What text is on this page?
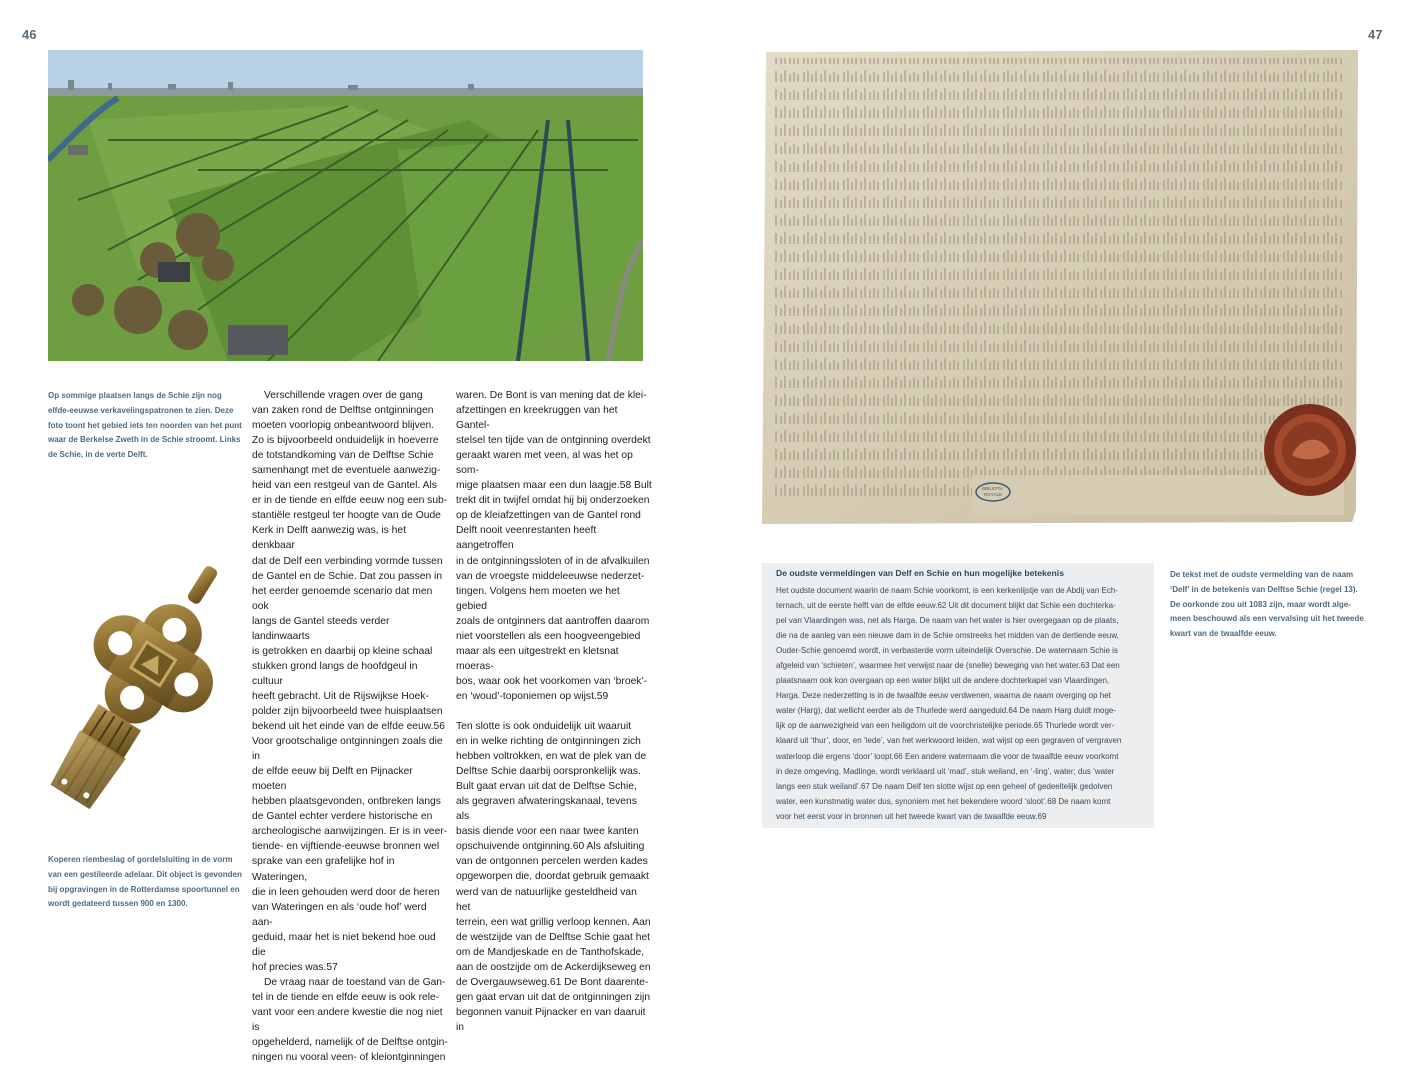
46	47
Op sommige plaatsen langs de Schie zijn nog
elfde-eeuwse verkavelingspatronen te zien. Deze
foto toont het gebied iets ten noorden van het punt
waar de Berkelse Zweth in de Schie stroomt. Links
de Schie, in de verte Delft.
Koperen riembeslag of gordelsluiting in de vorm
van een gestileerde adelaar. Dit object is gevonden
bij opgravingen in de Rotterdamse spoortunnel en
wordt gedateerd tussen 900 en 1300.

Verschillende vragen over de gang

van zaken rond de Delftse ontginningen

moeten voorlopig onbeantwoord blijven.

Zo is bijvoorbeeld onduidelijk in hoeverre

de totstandkoming van de Delftse Schie

samenhangt met de eventuele aanwezig-

heid van een restgeul van de Gantel. Als

er in de tiende en elfde eeuw nog een sub-

stantiële restgeul ter hoogte van de Oude

Kerk in Delft aanwezig was, is het denkbaar

dat de Delf een verbinding vormde tussen

de Gantel en de Schie. Dat zou passen in

het eerder genoemde scenario dat men ook

langs de Gantel steeds verder landinwaarts

is getrokken en daarbij op kleine schaal

stukken grond langs de hoofdgeul in cultuur

heeft gebracht. Uit de Rijswijkse Hoek-

polder zijn bijvoorbeeld twee huisplaatsen

bekend uit het einde van de elfde eeuw.56

Voor grootschalige ontginningen zoals die in

de elfde eeuw bij Delft en Pijnacker moeten

hebben plaatsgevonden, ontbreken langs

de Gantel echter verdere historische en

archeologische aanwijzingen. Er is in veer-

tiende- en vijftiende-eeuwse bronnen wel

sprake van een grafelijke hof in Wateringen,

die in leen gehouden werd door de heren

van Wateringen en als ‘oude hof’ werd aan-

geduid, maar het is niet bekend hoe oud die

hof precies was.57

De vraag naar de toestand van de Gan-

tel in de tiende en elfde eeuw is ook rele-

vant voor een andere kwestie die nog niet is

opgehelderd, namelijk of de Delftse ontgin-

ningen nu vooral veen- of kleiontginningen

waren. De Bont is van mening dat de klei-

afzettingen en kreekruggen van het Gantel-

stelsel ten tijde van de ontginning overdekt

geraakt waren met veen, al was het op som-

mige plaatsen maar een dun laagje.58 Bult

trekt dit in twijfel omdat hij bij onderzoeken

op de kleiafzettingen van de Gantel rond

Delft nooit veenrestanten heeft aangetroffen

in de ontginningssloten of in de afvalkuilen

van de vroegste middeleeuwse nederzet-

tingen. Volgens hem moeten we het gebied

zoals de ontginners dat aantroffen daarom

niet voorstellen als een hoogveengebied

maar als een uitgestrekt en kletsnat moeras-

bos, waar ook het voorkomen van ‘broek’-

en ‘woud’-toponiemen op wijst.59

Ten slotte is ook onduidelijk uit waaruit

en in welke richting de ontginningen zich

hebben voltrokken, en wat de plek van de

Delftse Schie daarbij oorspronkelijk was.

Bult gaat ervan uit dat de Delftse Schie,

als gegraven afwateringskanaal, tevens als

basis diende voor een naar twee kanten

opschuivende ontginning.60 Als afsluiting

van de ontgonnen percelen werden kades

opgeworpen die, doordat gebruik gemaakt

werd van de natuurlijke gesteldheid van het

terrein, een wat grillig verloop kennen. Aan

de westzijde van de Delftse Schie gaat het

om de Mandjeskade en de Tanthofskade,

aan de oostzijde om de Ackerdijkseweg en

de Overgauwseweg.61 De Bont daarente-

gen gaat ervan uit dat de ontginningen zijn

begonnen vanuit Pijnacker en van daaruit in

BIBLIOTH.
ROYALE
De oudste vermeldingen van Delf en Schie en hun mogelijke betekenis

Het oudste document waarin de naam Schie voorkomt, is een kerkenlijstje van de Abdij van Ech-

ternach, uit de eerste helft van de elfde eeuw.62 Uit dit document blijkt dat Schie een dochterka-

pel van Vlaardingen was, net als Harga. De naam van het water is hier overgegaan op de plaats,

die na de aanleg van een nieuwe dam in de Schie omstreeks het midden van de dertiende eeuw,

Ouder-Schie genoemd wordt, in verbasterde vorm uiteindelijk Overschie. De waternaam Schie is

afgeleid van ‘schieten’, waarmee het verwijst naar de (snelle) beweging van het water.63 Dat een

plaatsnaam ook kon overgaan op een water blijkt uit de andere dochterkapel van Vlaardingen,

Harga. Deze nederzetting is in de twaalfde eeuw verdwenen, waarna de naam overging op het

water (Harg), dat wellicht eerder als de Thurlede werd aangeduid.64 De naam Harg duidt moge-

lijk op de aanwezigheid van een heiligdom uit de voorchristelijke periode.65 Thurlede wordt ver-

klaard uit ‘thur’, door, en ‘lede’, van het werkwoord leiden, wat wijst op een gegraven of vergraven

waterloop die ergens ‘door’ loopt.66 Een andere waternaam die voor de twaalfde eeuw voorkomt

in deze omgeving, Madlinge, wordt verklaard uit ‘mad’, stuk weiland, en ‘-ling’, water; dus ‘water

langs een stuk weiland’.67 De naam Delf ten slotte wijst op een geheel of gedeeltelijk gedolven

water, een kunstmatig water dus, synoniem met het bekendere woord ‘sloot’.68 De naam komt

voor het eerst voor in bronnen uit het tweede kwart van de twaalfde eeuw.69

De tekst met de oudste vermelding van de naam
‘Delf’ in de betekenis van Delftse Schie (regel 13).
De oorkonde zou uit 1083 zijn, maar wordt alge-
meen beschouwd als een vervalsing uit het tweede
kwart van de twaalfde eeuw.
